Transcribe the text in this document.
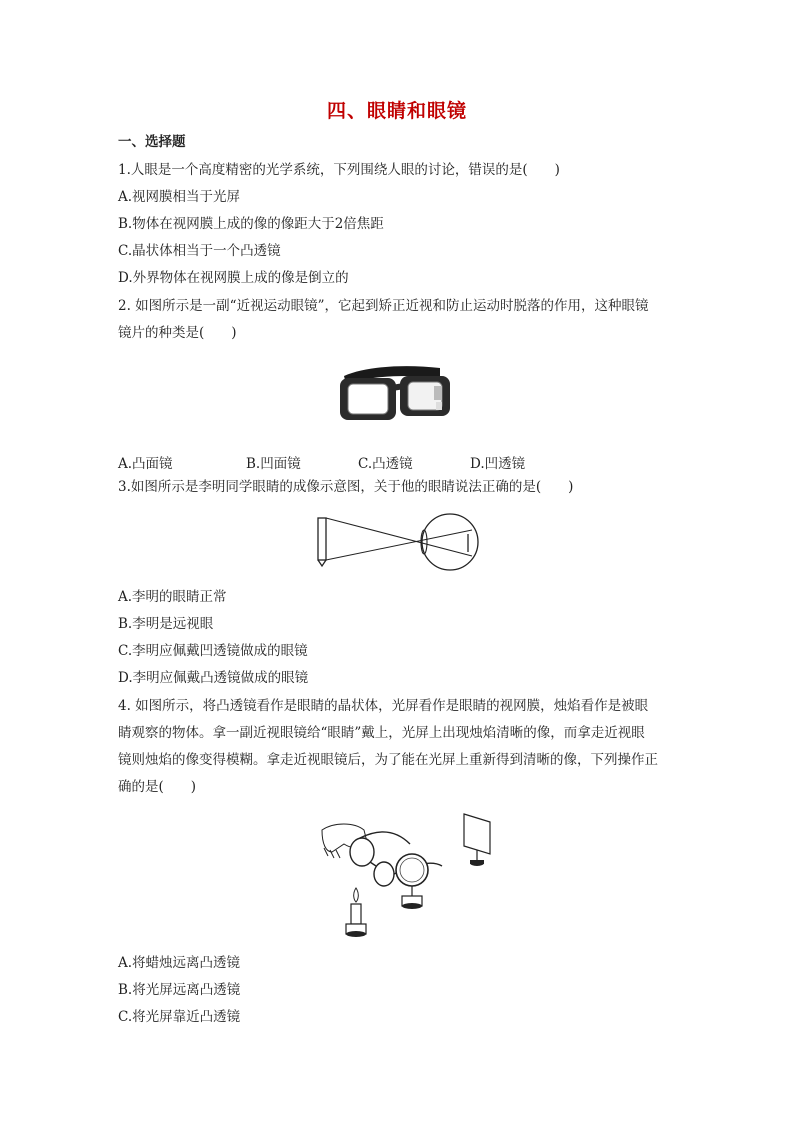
四、眼睛和眼镜
一、选择题
1.人眼是一个高度精密的光学系统，下列围绕人眼的讨论，错误的是(　　)
A.视网膜相当于光屏
B.物体在视网膜上成的像的像距大于2倍焦距
C.晶状体相当于一个凸透镜
D.外界物体在视网膜上成的像是倒立的
2. 如图所示是一副“近视运动眼镜”，它起到矫正近视和防止运动时脱落的作用，这种眼镜
镜片的种类是(　　)
A.凸面镜	B.凹面镜	C.凸透镜	D.凹透镜
3.如图所示是李明同学眼睛的成像示意图，关于他的眼睛说法正确的是(　　)
A.李明的眼睛正常
B.李明是远视眼
C.李明应佩戴凹透镜做成的眼镜
D.李明应佩戴凸透镜做成的眼镜
4. 如图所示，将凸透镜看作是眼睛的晶状体，光屏看作是眼睛的视网膜，烛焰看作是被眼
睛观察的物体。拿一副近视眼镜给“眼睛”戴上，光屏上出现烛焰清晰的像，而拿走近视眼
镜则烛焰的像变得模糊。拿走近视眼镜后，为了能在光屏上重新得到清晰的像，下列操作正
确的是(　　)
A.将蜡烛远离凸透镜
B.将光屏远离凸透镜
C.将光屏靠近凸透镜
